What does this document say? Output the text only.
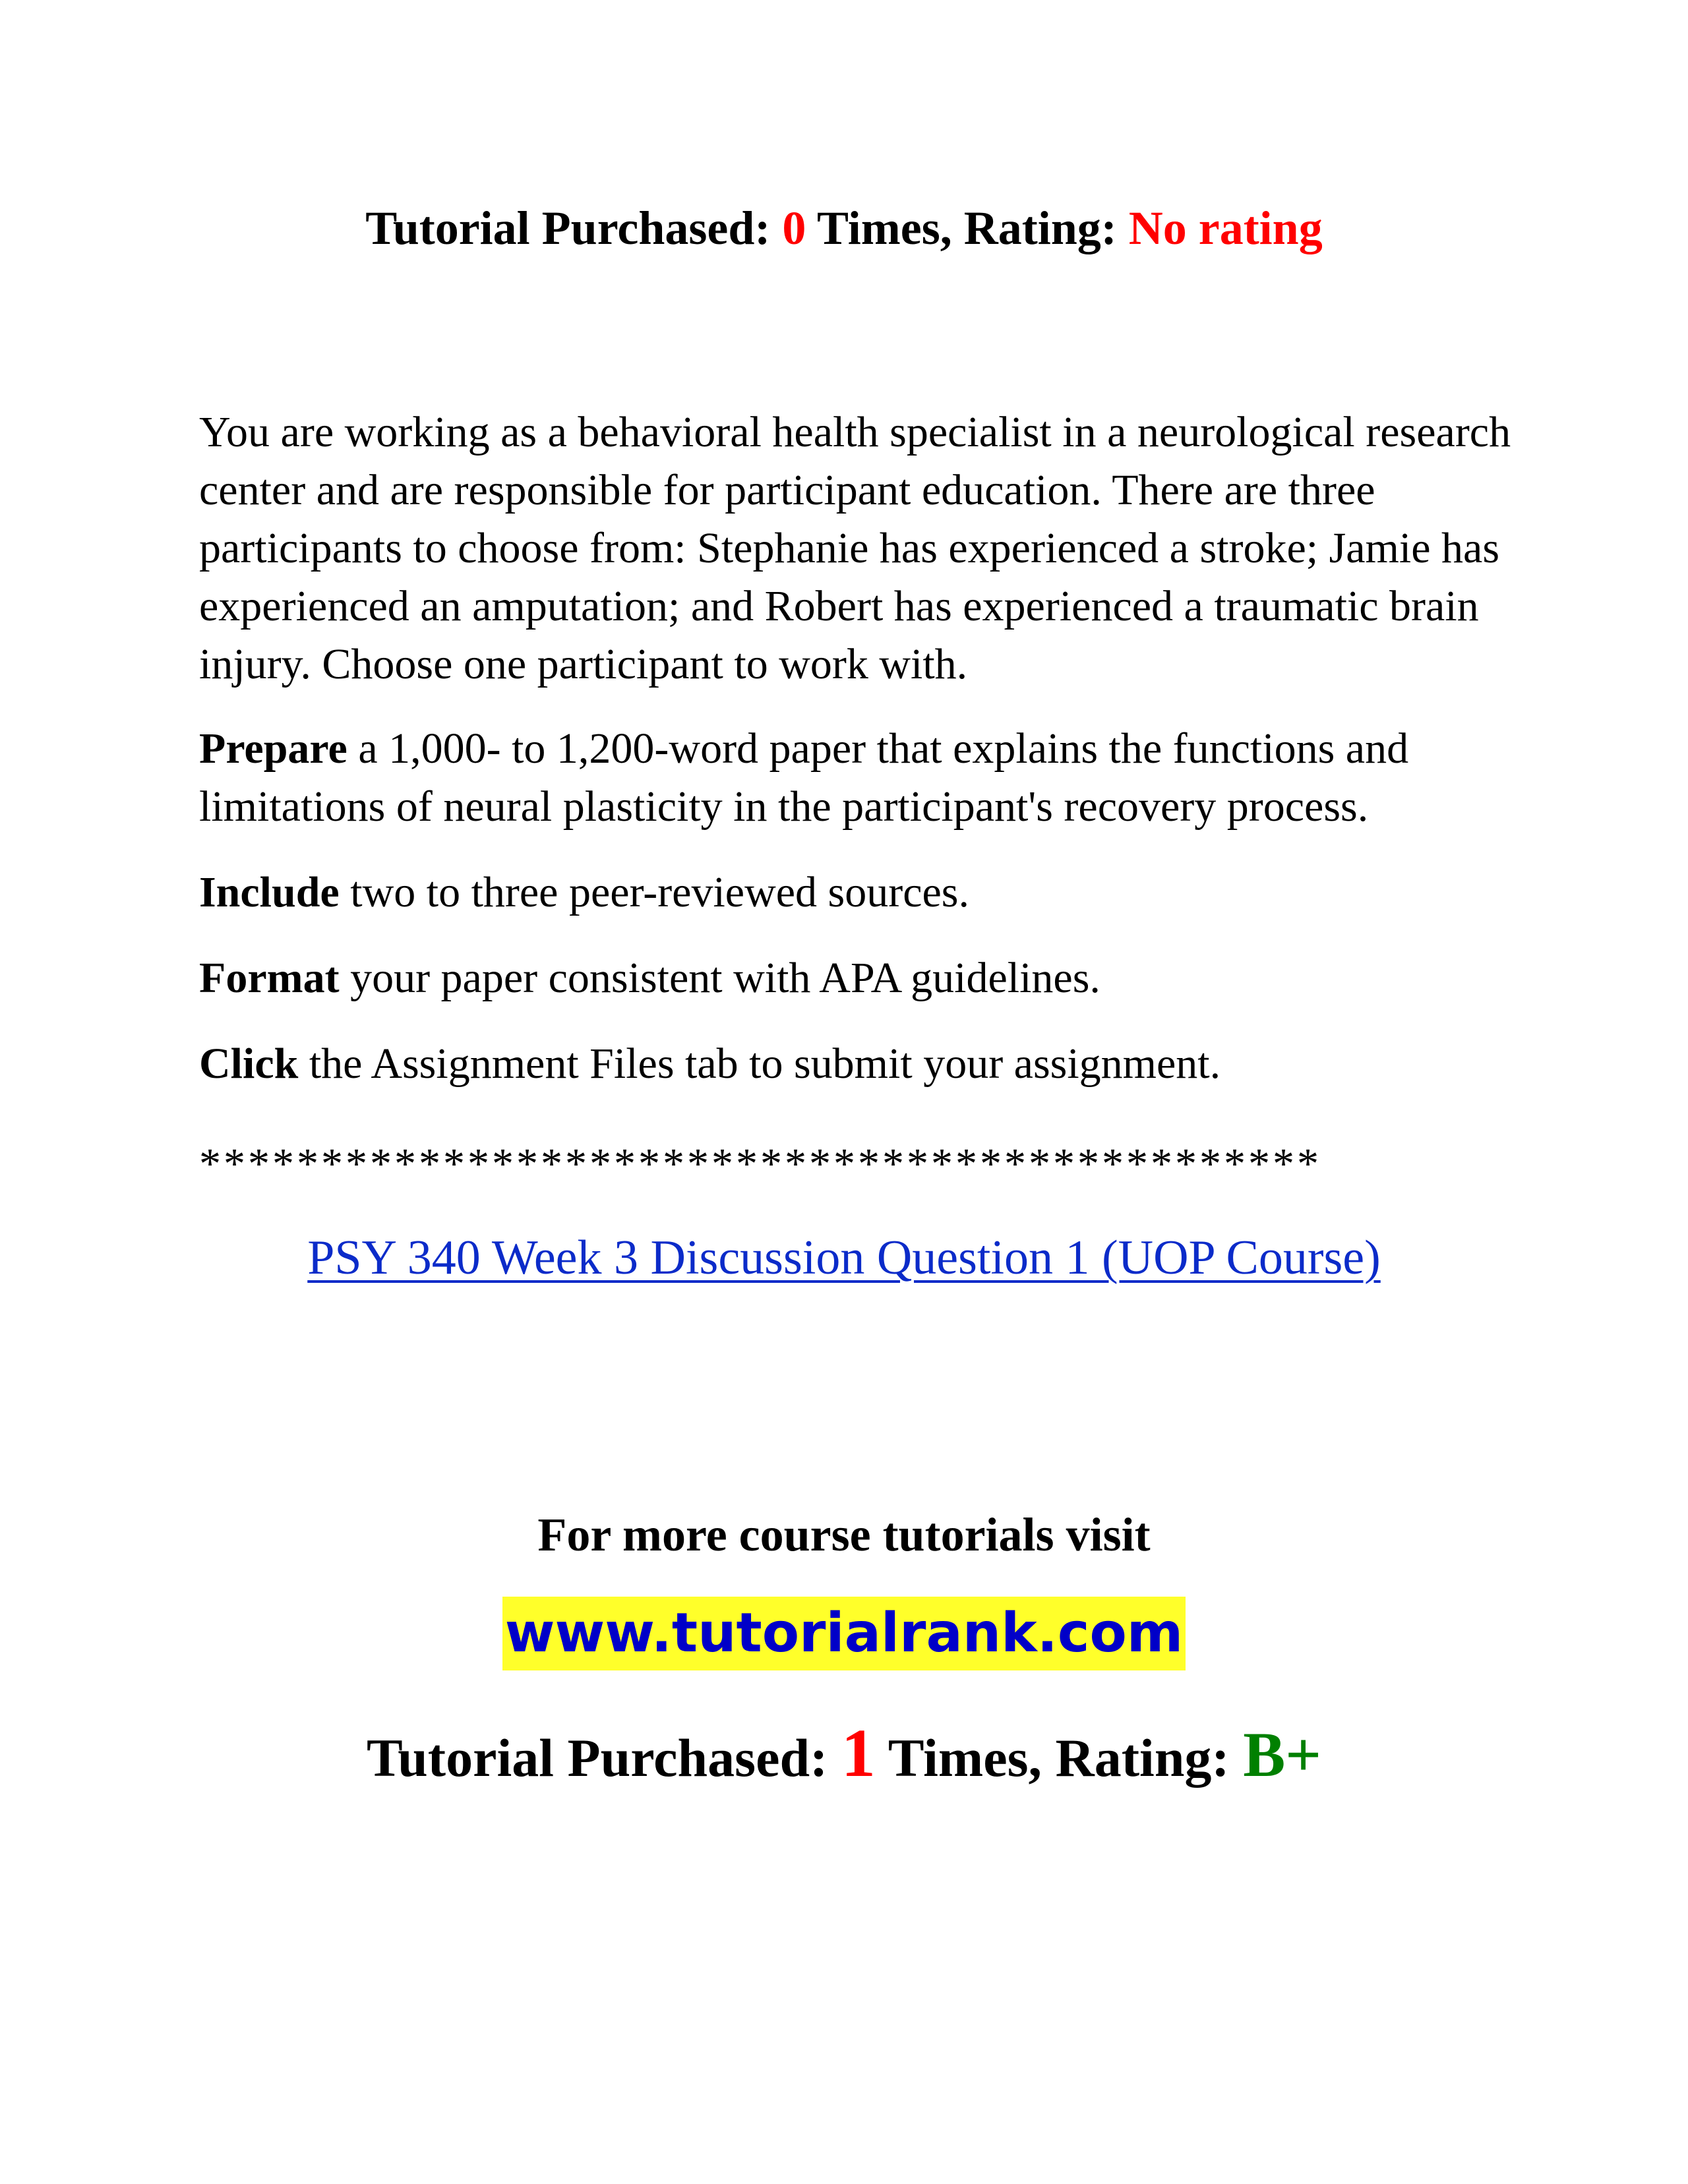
Tutorial Purchased: 0 Times, Rating: No rating

You are working as a behavioral health specialist in a neurological research center and are responsible for participant education. There are three participants to choose from: Stephanie has experienced a stroke; Jamie has experienced an amputation; and Robert has experienced a traumatic brain injury. Choose one participant to work with.

Prepare a 1,000- to 1,200-word paper that explains the functions and limitations of neural plasticity in the participant's recovery process.

Include two to three peer-reviewed sources.

Format your paper consistent with APA guidelines.

Click the Assignment Files tab to submit your assignment.

**********************************************
PSY 340 Week 3 Discussion Question 1 (UOP Course)
For more course tutorials visit
www.tutorialrank.com
Tutorial Purchased: 1 Times, Rating: B+
